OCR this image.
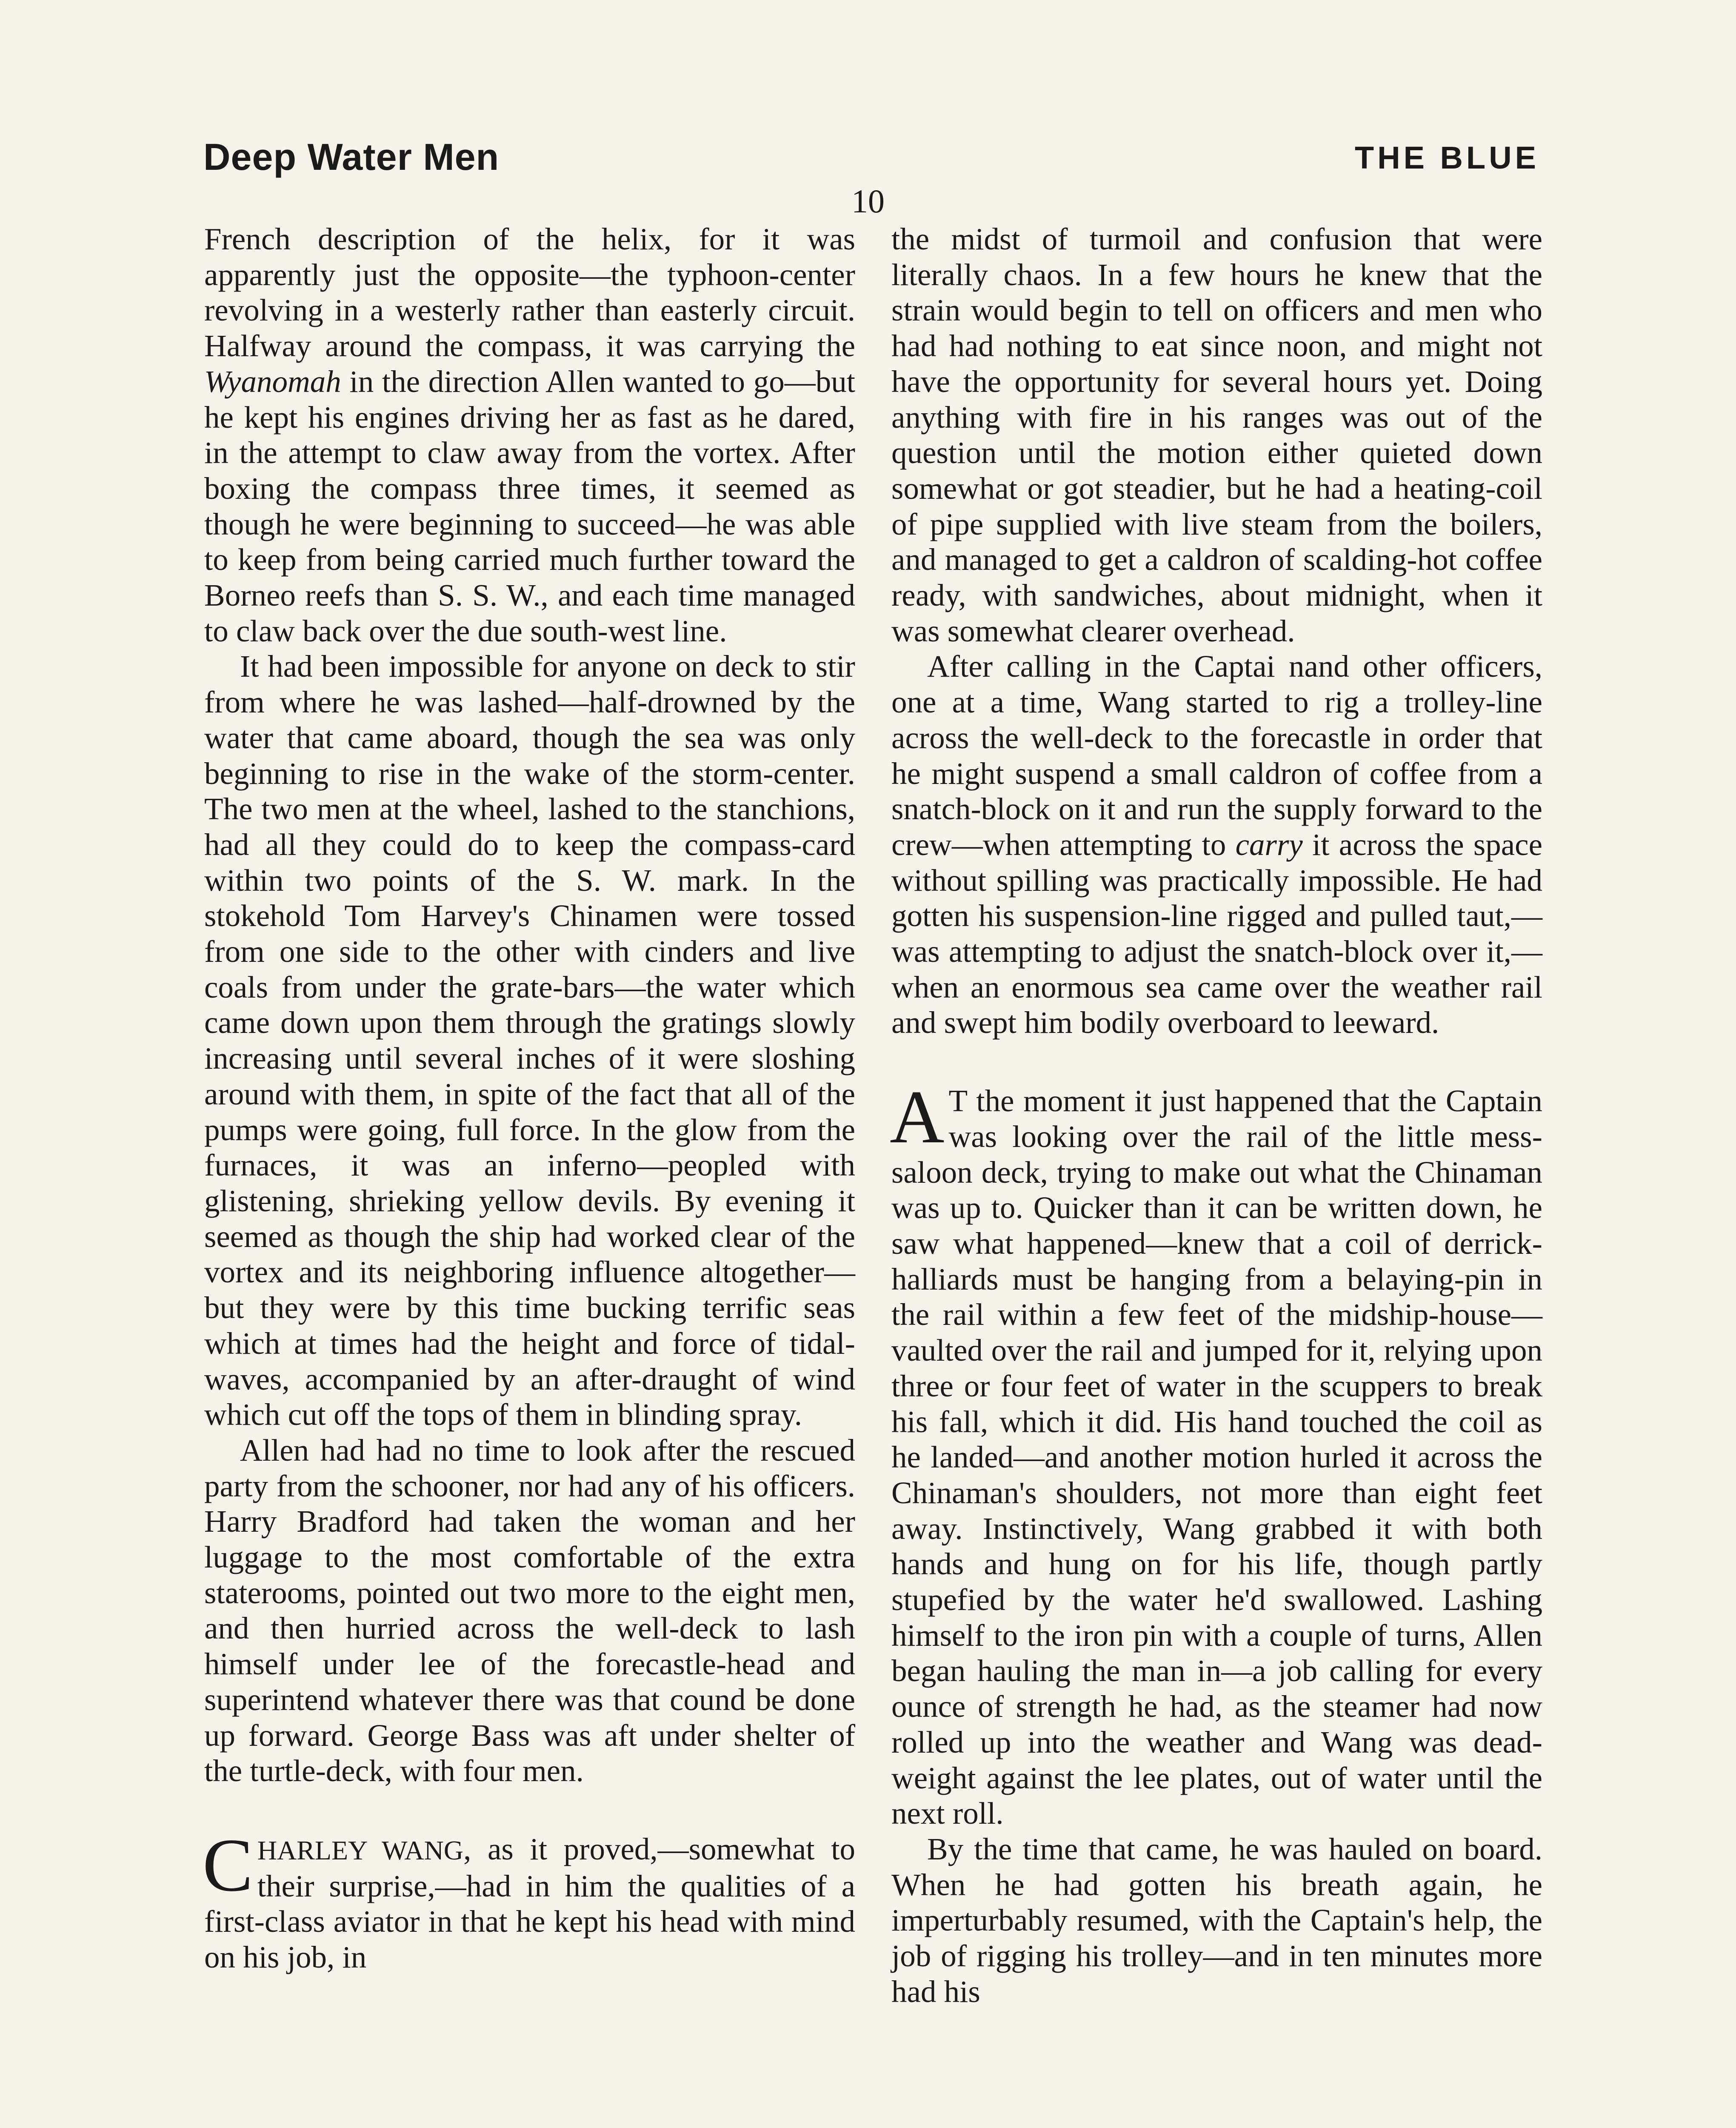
Deep Water Men	THE BLUE
10

French description of the helix, for it was apparently just the opposite—the typhoon-center revolving in a westerly rather than easterly circuit. Halfway around the compass, it was carrying the Wyanomah in the direction Allen wanted to go—but he kept his engines driving her as fast as he dared, in the attempt to claw away from the vortex. After boxing the compass three times, it seemed as though he were beginning to succeed—he was able to keep from being carried much further toward the Borneo reefs than S. S. W., and each time managed to claw back over the due south-west line.

It had been impossible for anyone on deck to stir from where he was lashed—half-drowned by the water that came aboard, though the sea was only beginning to rise in the wake of the storm-center. The two men at the wheel, lashed to the stanchions, had all they could do to keep the compass-card within two points of the S. W. mark. In the stokehold Tom Harvey's Chinamen were tossed from one side to the other with cinders and live coals from under the grate-bars—the water which came down upon them through the gratings slowly increasing until several inches of it were sloshing around with them, in spite of the fact that all of the pumps were going, full force. In the glow from the furnaces, it was an inferno—peopled with glistening, shrieking yellow devils. By evening it seemed as though the ship had worked clear of the vortex and its neighboring influence altogether—but they were by this time bucking terrific seas which at times had the height and force of tidal-waves, accompanied by an after-draught of wind which cut off the tops of them in blinding spray.

Allen had had no time to look after the rescued party from the schooner, nor had any of his officers. Harry Bradford had taken the woman and her luggage to the most comfortable of the extra staterooms, pointed out two more to the eight men, and then hurried across the well-deck to lash himself under lee of the forecastle-head and superintend whatever there was that cound be done up forward. George Bass was aft under shelter of the turtle-deck, with four men.

CHARLEY WANG, as it proved,—somewhat to their surprise,—had in him the qualities of a first-class aviator in that he kept his head with mind on his job, in

the midst of turmoil and confusion that were literally chaos. In a few hours he knew that the strain would begin to tell on officers and men who had had nothing to eat since noon, and might not have the opportunity for several hours yet. Doing anything with fire in his ranges was out of the question until the motion either quieted down somewhat or got steadier, but he had a heating-coil of pipe supplied with live steam from the boilers, and managed to get a caldron of scalding-hot coffee ready, with sandwiches, about midnight, when it was somewhat clearer overhead.

After calling in the Captai nand other officers, one at a time, Wang started to rig a trolley-line across the well-deck to the forecastle in order that he might suspend a small caldron of coffee from a snatch-block on it and run the supply forward to the crew—when attempting to carry it across the space without spilling was practically impossible. He had gotten his suspension-line rigged and pulled taut,—was attempting to adjust the snatch-block over it,—when an enormous sea came over the weather rail and swept him bodily overboard to leeward.

A T the moment it just happened that the Captain was looking over the rail of the little mess-saloon deck, trying to make out what the Chinaman was up to. Quicker than it can be written down, he saw what happened—knew that a coil of derrick-halliards must be hanging from a belaying-pin in the rail within a few feet of the midship-house—vaulted over the rail and jumped for it, relying upon three or four feet of water in the scuppers to break his fall, which it did. His hand touched the coil as he landed—and another motion hurled it across the Chinaman's shoulders, not more than eight feet away. Instinctively, Wang grabbed it with both hands and hung on for his life, though partly stupefied by the water he'd swallowed. Lashing himself to the iron pin with a couple of turns, Allen began hauling the man in—a job calling for every ounce of strength he had, as the steamer had now rolled up into the weather and Wang was dead-weight against the lee plates, out of water until the next roll.

By the time that came, he was hauled on board. When he had gotten his breath again, he imperturbably resumed, with the Captain's help, the job of rigging his trolley—and in ten minutes more had his
